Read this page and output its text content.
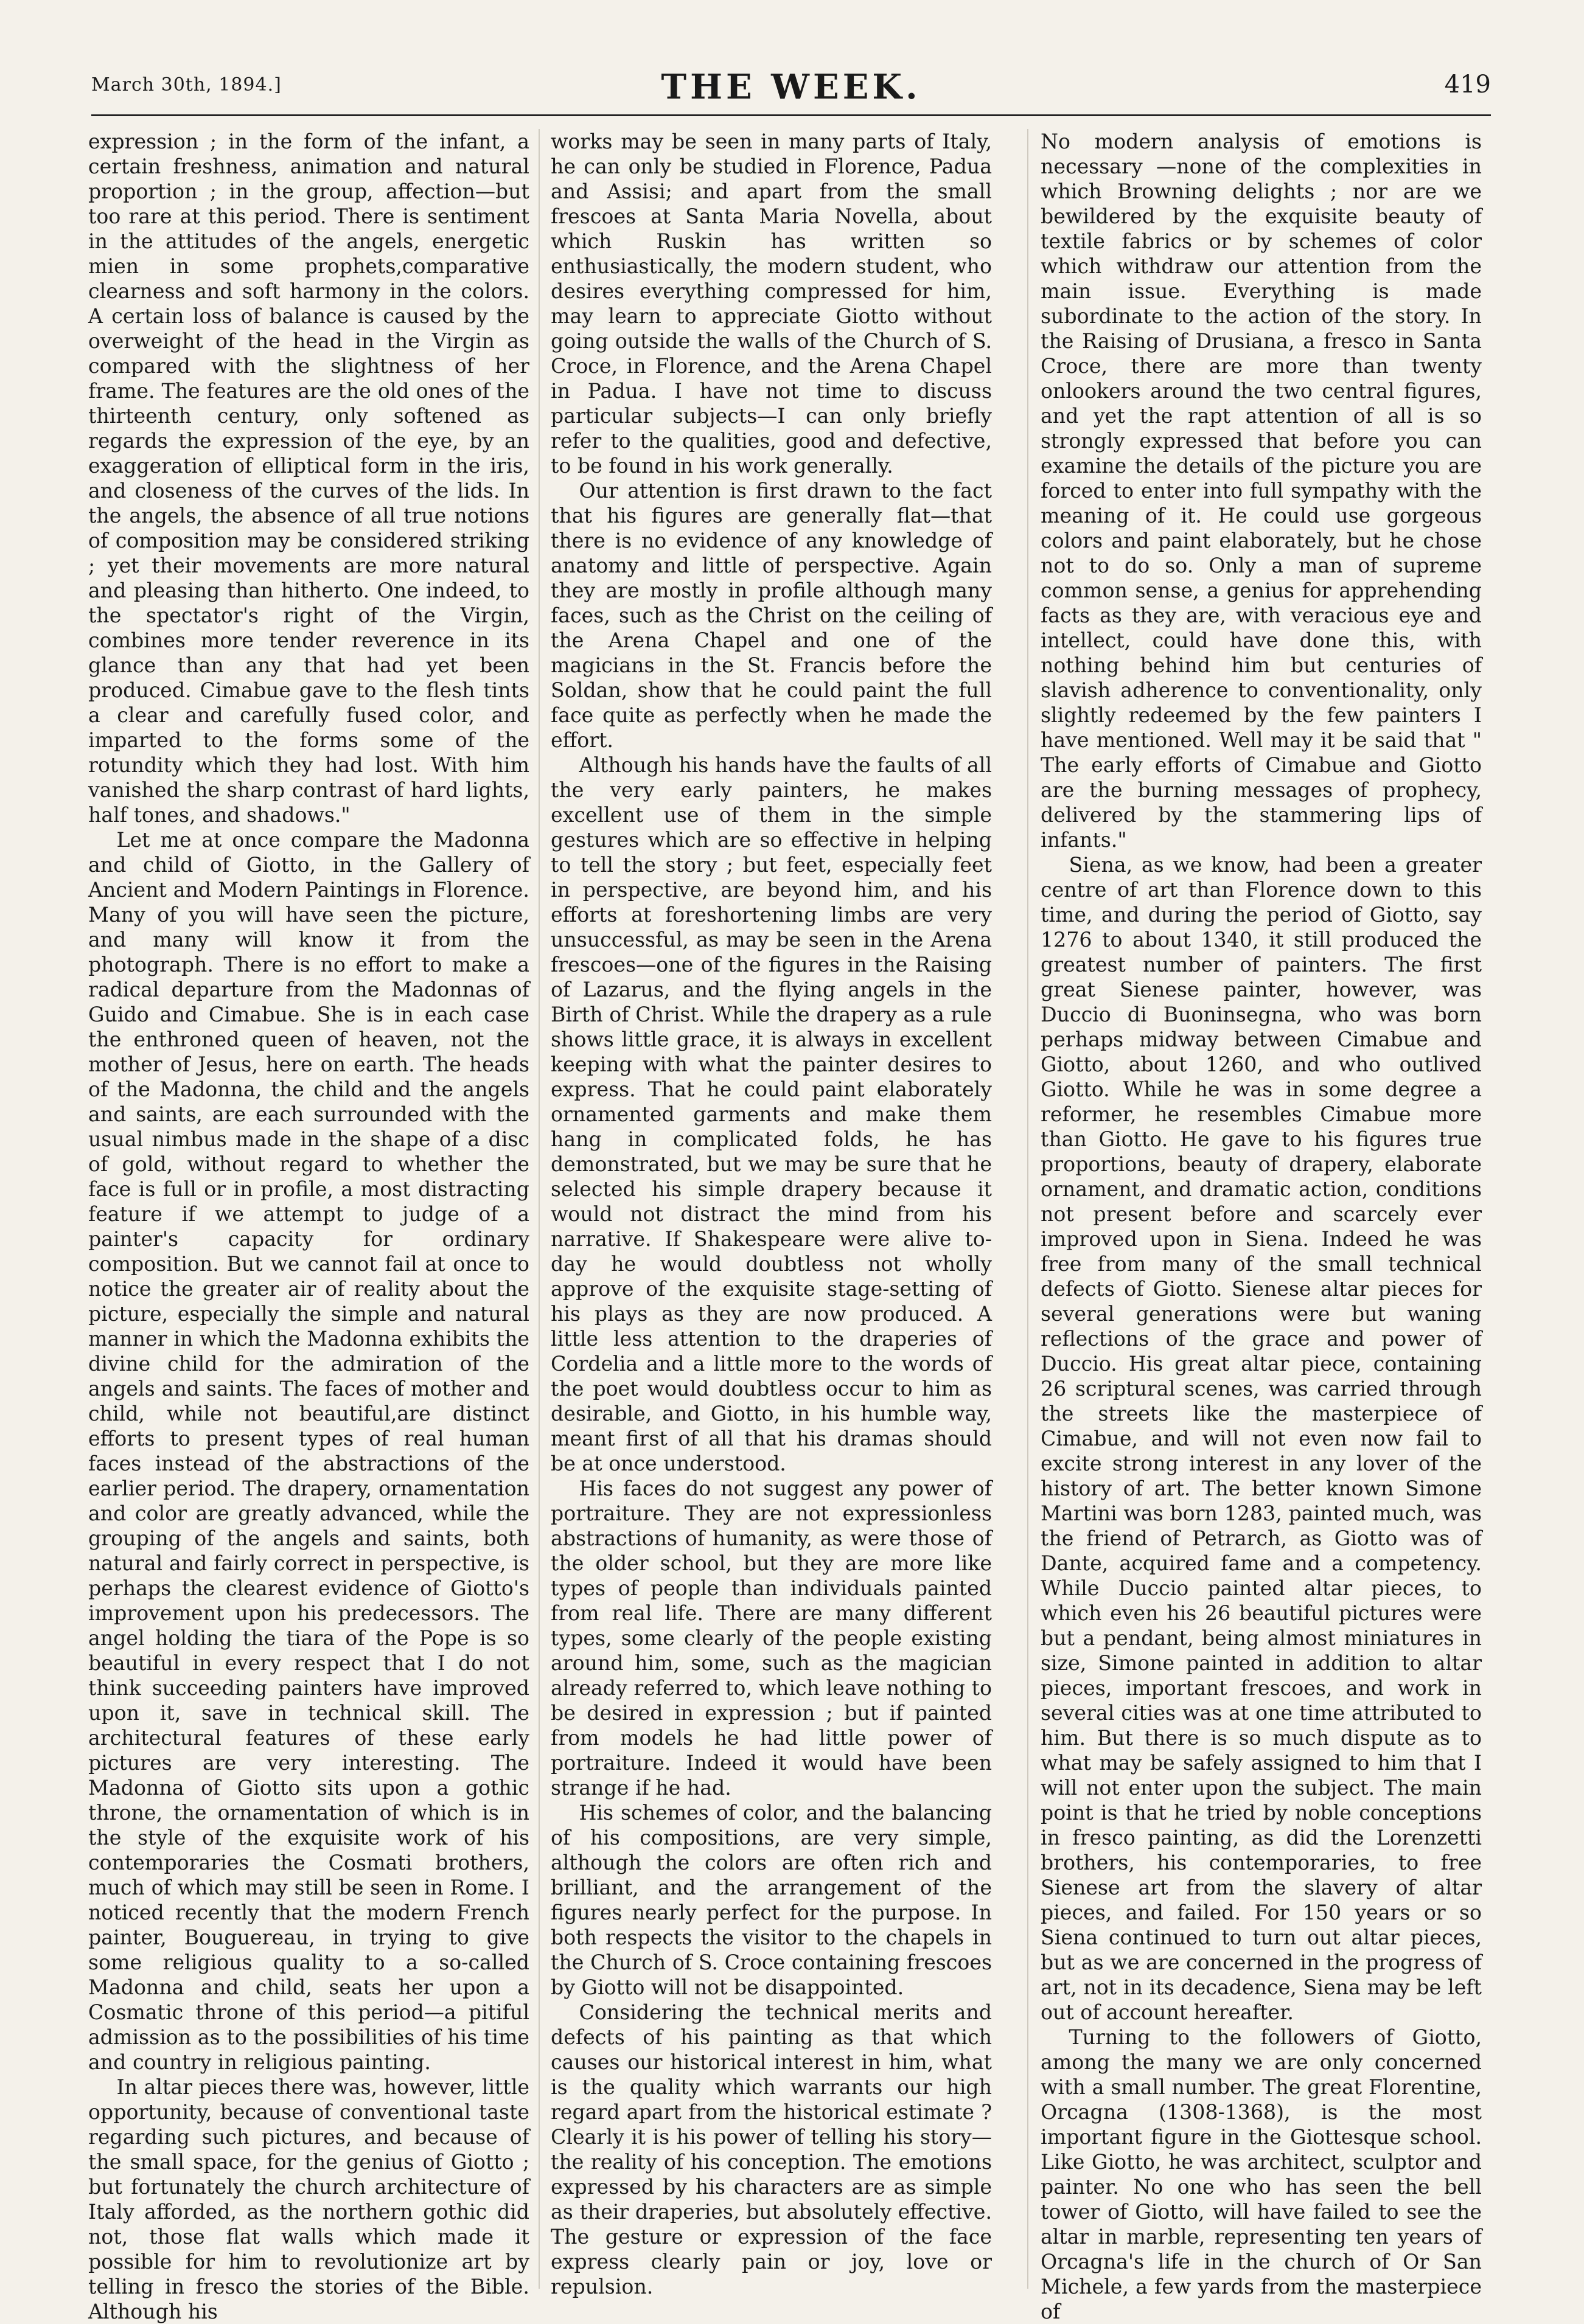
March 30th, 1894.]	THE WEEK.	419

expression ; in the form of the infant, a certain freshness, animation and natural proportion ; in the group, affection—but too rare at this period. There is sentiment in the attitudes of the angels, energetic mien in some prophets,comparative clearness and soft harmony in the colors. A certain loss of balance is caused by the overweight of the head in the Virgin as compared with the slightness of her frame. The features are the old ones of the thirteenth century, only softened as regards the expression of the eye, by an exaggeration of elliptical form in the iris, and closeness of the curves of the lids. In the angels, the absence of all true notions of composition may be considered striking ; yet their movements are more natural and pleasing than hitherto. One indeed, to the spectator's right of the Virgin, combines more tender reverence in its glance than any that had yet been produced. Cimabue gave to the flesh tints a clear and carefully fused color, and imparted to the forms some of the rotundity which they had lost. With him vanished the sharp contrast of hard lights, half tones, and shadows."

Let me at once compare the Madonna and child of Giotto, in the Gallery of Ancient and Modern Paintings in Florence. Many of you will have seen the picture, and many will know it from the photograph. There is no effort to make a radical departure from the Madonnas of Guido and Cimabue. She is in each case the enthroned queen of heaven, not the mother of Jesus, here on earth. The heads of the Madonna, the child and the angels and saints, are each surrounded with the usual nimbus made in the shape of a disc of gold, without regard to whether the face is full or in profile, a most distracting feature if we attempt to judge of a painter's capacity for ordinary composition. But we cannot fail at once to notice the greater air of reality about the picture, especially the simple and natural manner in which the Madonna exhibits the divine child for the admiration of the angels and saints. The faces of mother and child, while not beautiful,are distinct efforts to present types of real human faces instead of the abstractions of the earlier period. The drapery, ornamentation and color are greatly advanced, while the grouping of the angels and saints, both natural and fairly correct in perspective, is perhaps the clearest evidence of Giotto's improvement upon his predecessors. The angel holding the tiara of the Pope is so beautiful in every respect that I do not think succeeding painters have improved upon it, save in technical skill. The architectural features of these early pictures are very interesting. The Madonna of Giotto sits upon a gothic throne, the ornamentation of which is in the style of the exquisite work of his contemporaries the Cosmati brothers, much of which may still be seen in Rome. I noticed recently that the modern French painter, Bouguereau, in trying to give some religious quality to a so-called Madonna and child, seats her upon a Cosmatic throne of this period—a pitiful admission as to the possibilities of his time and country in religious painting.

In altar pieces there was, however, little opportunity, because of conventional taste regarding such pictures, and because of the small space, for the genius of Giotto ; but fortunately the church architecture of Italy afforded, as the northern gothic did not, those flat walls which made it possible for him to revolutionize art by telling in fresco the stories of the Bible. Although his

works may be seen in many parts of Italy, he can only be studied in Florence, Padua and Assisi; and apart from the small frescoes at Santa Maria Novella, about which Ruskin has written so enthusiastically, the modern student, who desires everything compressed for him, may learn to appreciate Giotto without going outside the walls of the Church of S. Croce, in Florence, and the Arena Chapel in Padua. I have not time to discuss particular subjects—I can only briefly refer to the qualities, good and defective, to be found in his work generally.

Our attention is first drawn to the fact that his figures are generally flat—that there is no evidence of any knowledge of anatomy and little of perspective. Again they are mostly in profile although many faces, such as the Christ on the ceiling of the Arena Chapel and one of the magicians in the St. Francis before the Soldan, show that he could paint the full face quite as perfectly when he made the effort.

Although his hands have the faults of all the very early painters, he makes excellent use of them in the simple gestures which are so effective in helping to tell the story ; but feet, especially feet in perspective, are beyond him, and his efforts at foreshortening limbs are very unsuccessful, as may be seen in the Arena frescoes—one of the figures in the Raising of Lazarus, and the flying angels in the Birth of Christ. While the drapery as a rule shows little grace, it is always in excellent keeping with what the painter desires to express. That he could paint elaborately ornamented garments and make them hang in complicated folds, he has demonstrated, but we may be sure that he selected his simple drapery because it would not distract the mind from his narrative. If Shakespeare were alive to-day he would doubtless not wholly approve of the exquisite stage-setting of his plays as they are now produced. A little less attention to the draperies of Cordelia and a little more to the words of the poet would doubtless occur to him as desirable, and Giotto, in his humble way, meant first of all that his dramas should be at once understood.

His faces do not suggest any power of portraiture. They are not expressionless abstractions of humanity, as were those of the older school, but they are more like types of people than individuals painted from real life. There are many different types, some clearly of the people existing around him, some, such as the magician already referred to, which leave nothing to be desired in expression ; but if painted from models he had little power of portraiture. Indeed it would have been strange if he had.

His schemes of color, and the balancing of his compositions, are very simple, although the colors are often rich and brilliant, and the arrangement of the figures nearly perfect for the purpose. In both respects the visitor to the chapels in the Church of S. Croce containing frescoes by Giotto will not be disappointed.

Considering the technical merits and defects of his painting as that which causes our historical interest in him, what is the quality which warrants our high regard apart from the historical estimate ? Clearly it is his power of telling his story—the reality of his conception. The emotions expressed by his characters are as simple as their draperies, but absolutely effective. The gesture or expression of the face express clearly pain or joy, love or repulsion.

No modern analysis of emotions is necessary —none of the complexities in which Browning delights ; nor are we bewildered by the exquisite beauty of textile fabrics or by schemes of color which withdraw our attention from the main issue. Everything is made subordinate to the action of the story. In the Raising of Drusiana, a fresco in Santa Croce, there are more than twenty onlookers around the two central figures, and yet the rapt attention of all is so strongly expressed that before you can examine the details of the picture you are forced to enter into full sympathy with the meaning of it. He could use gorgeous colors and paint elaborately, but he chose not to do so. Only a man of supreme common sense, a genius for apprehending facts as they are, with veracious eye and intellect, could have done this, with nothing behind him but centuries of slavish adherence to conventionality, only slightly redeemed by the few painters I have mentioned. Well may it be said that " The early efforts of Cimabue and Giotto are the burning messages of prophecy, delivered by the stammering lips of infants."

Siena, as we know, had been a greater centre of art than Florence down to this time, and during the period of Giotto, say 1276 to about 1340, it still produced the greatest number of painters. The first great Sienese painter, however, was Duccio di Buoninsegna, who was born perhaps midway between Cimabue and Giotto, about 1260, and who outlived Giotto. While he was in some degree a reformer, he resembles Cimabue more than Giotto. He gave to his figures true proportions, beauty of drapery, elaborate ornament, and dramatic action, conditions not present before and scarcely ever improved upon in Siena. Indeed he was free from many of the small technical defects of Giotto. Sienese altar pieces for several generations were but waning reflections of the grace and power of Duccio. His great altar piece, containing 26 scriptural scenes, was carried through the streets like the masterpiece of Cimabue, and will not even now fail to excite strong interest in any lover of the history of art. The better known Simone Martini was born 1283, painted much, was the friend of Petrarch, as Giotto was of Dante, acquired fame and a competency. While Duccio painted altar pieces, to which even his 26 beautiful pictures were but a pendant, being almost miniatures in size, Simone painted in addition to altar pieces, important frescoes, and work in several cities was at one time attributed to him. But there is so much dispute as to what may be safely assigned to him that I will not enter upon the subject. The main point is that he tried by noble conceptions in fresco painting, as did the Lorenzetti brothers, his contemporaries, to free Sienese art from the slavery of altar pieces, and failed. For 150 years or so Siena continued to turn out altar pieces, but as we are concerned in the progress of art, not in its decadence, Siena may be left out of account hereafter.

Turning to the followers of Giotto, among the many we are only concerned with a small number. The great Florentine, Orcagna (1308-1368), is the most important figure in the Giottesque school. Like Giotto, he was architect, sculptor and painter. No one who has seen the bell tower of Giotto, will have failed to see the altar in marble, representing ten years of Orcagna's life in the church of Or San Michele, a few yards from the masterpiece of
